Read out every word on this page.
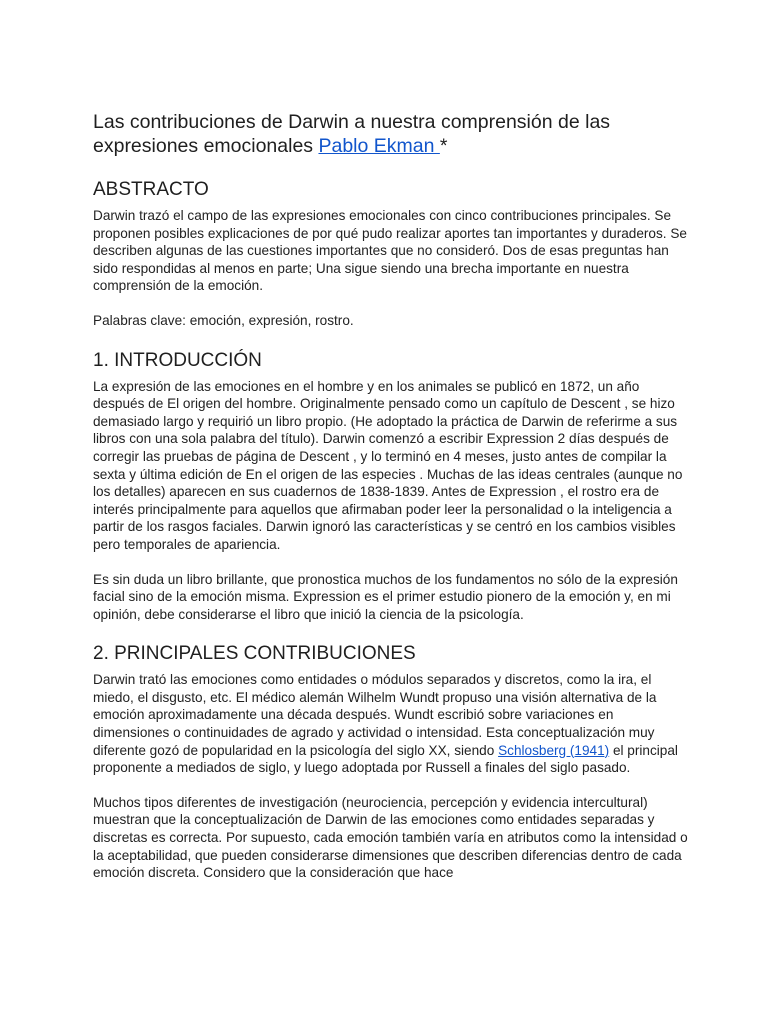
Las contribuciones de Darwin a nuestra comprensión de las expresiones emocionales Pablo Ekman *
ABSTRACTO

Darwin trazó el campo de las expresiones emocionales con cinco contribuciones principales. Se proponen posibles explicaciones de por qué pudo realizar aportes tan importantes y duraderos. Se describen algunas de las cuestiones importantes que no consideró. Dos de esas preguntas han sido respondidas al menos en parte; Una sigue siendo una brecha importante en nuestra comprensión de la emoción.

Palabras clave: emoción, expresión, rostro.

1. INTRODUCCIÓN

La expresión de las emociones en el hombre y en los animales se publicó en 1872, un año después de El origen del hombre. Originalmente pensado como un capítulo de Descent , se hizo demasiado largo y requirió un libro propio. (He adoptado la práctica de Darwin de referirme a sus libros con una sola palabra del título). Darwin comenzó a escribir Expression 2 días después de corregir las pruebas de página de Descent , y lo terminó en 4 meses, justo antes de compilar la sexta y última edición de En el origen de las especies . Muchas de las ideas centrales (aunque no los detalles) aparecen en sus cuadernos de 1838-1839. Antes de Expression , el rostro era de interés principalmente para aquellos que afirmaban poder leer la personalidad o la inteligencia a partir de los rasgos faciales. Darwin ignoró las características y se centró en los cambios visibles pero temporales de apariencia.

Es sin duda un libro brillante, que pronostica muchos de los fundamentos no sólo de la expresión facial sino de la emoción misma. Expression es el primer estudio pionero de la emoción y, en mi opinión, debe considerarse el libro que inició la ciencia de la psicología.

2. PRINCIPALES CONTRIBUCIONES

Darwin trató las emociones como entidades o módulos separados y discretos, como la ira, el miedo, el disgusto, etc. El médico alemán Wilhelm Wundt propuso una visión alternativa de la emoción aproximadamente una década después. Wundt escribió sobre variaciones en dimensiones o continuidades de agrado y actividad o intensidad. Esta conceptualización muy diferente gozó de popularidad en la psicología del siglo XX, siendo Schlosberg (1941) el principal proponente a mediados de siglo, y luego adoptada por Russell a finales del siglo pasado.

Muchos tipos diferentes de investigación (neurociencia, percepción y evidencia intercultural) muestran que la conceptualización de Darwin de las emociones como entidades separadas y discretas es correcta. Por supuesto, cada emoción también varía en atributos como la intensidad o la aceptabilidad, que pueden considerarse dimensiones que describen diferencias dentro de cada emoción discreta. Considero que la consideración que hace
